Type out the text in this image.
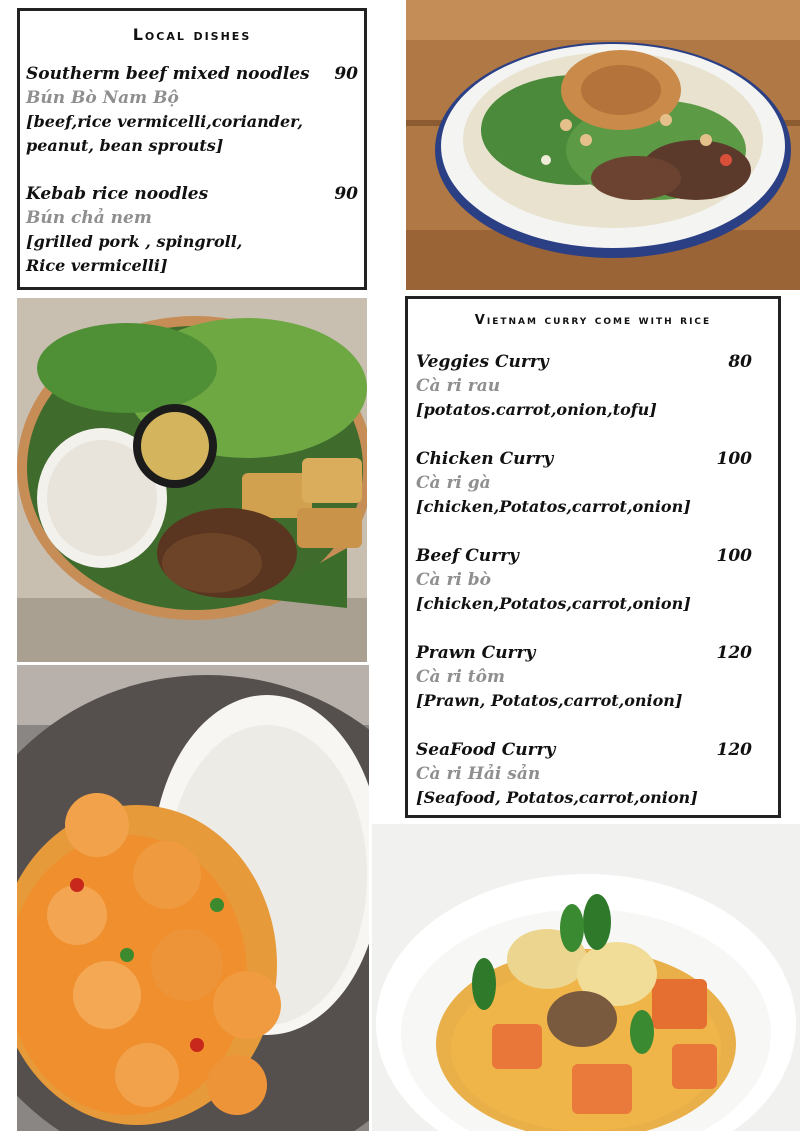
Local dishes
Southerm beef mixed noodles	90
Bún Bò Nam Bộ
[beef,rice vermicelli,coriander,
peanut, bean sprouts]
Kebab rice noodles	90
Bún chả nem
[grilled pork , spingroll,
Rice vermicelli]
Vietnam curry come with rice
Veggies Curry	80
Cà ri rau
[potatos.carrot,onion,tofu]
Chicken Curry	100
Cà ri gà
[chicken,Potatos,carrot,onion]
Beef Curry	100
Cà ri bò
[chicken,Potatos,carrot,onion]
Prawn Curry	120
Cà ri tôm
[Prawn, Potatos,carrot,onion]
SeaFood Curry	120
Cà ri Hải sản
[Seafood, Potatos,carrot,onion]
